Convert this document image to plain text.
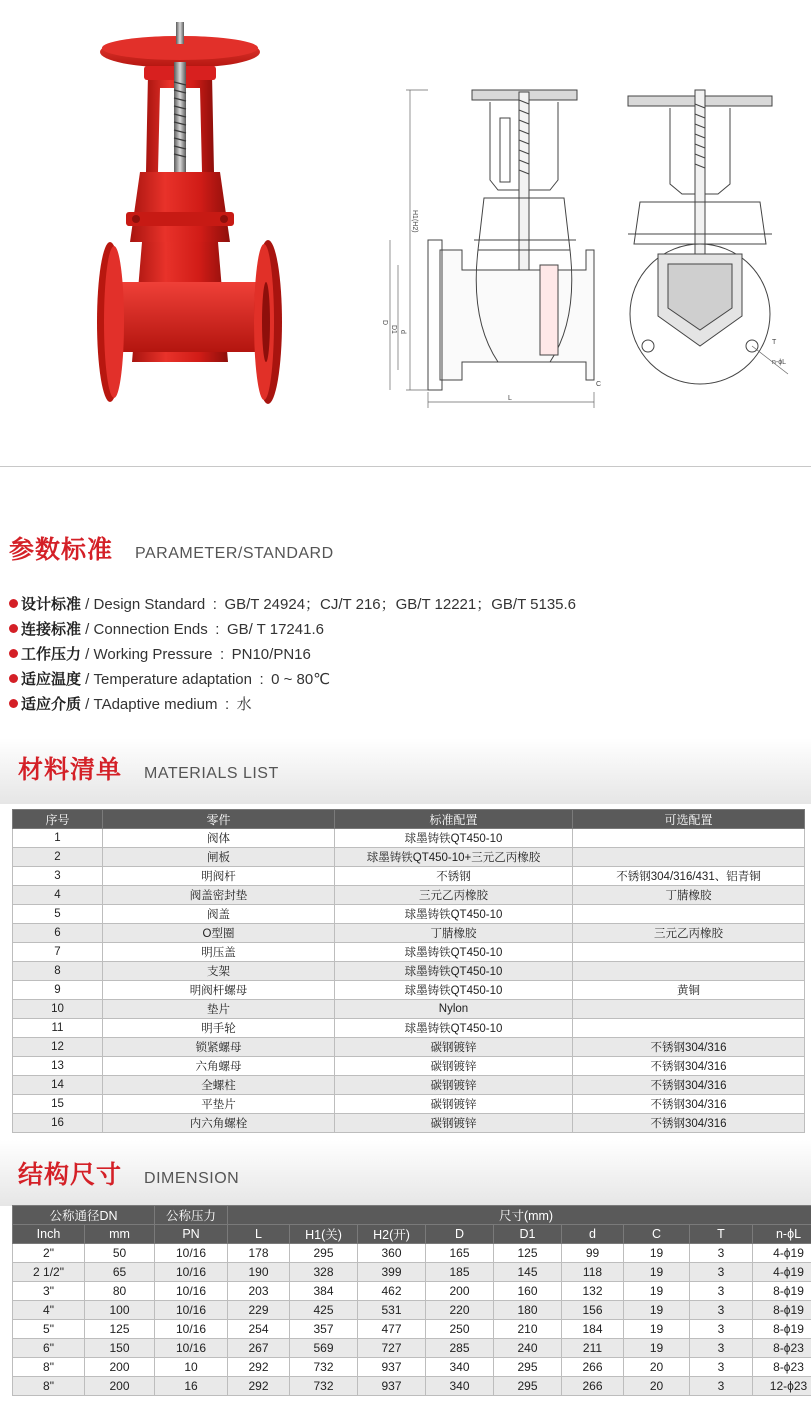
H1(H2)
D
D1 d
L
C
n-ϕL
T
参数标准 PARAMETER/STANDARD
设计标准 / Design Standard : GB/T 24924；CJ/T 216；GB/T 12221；GB/T 5135.6
连接标准 / Connection Ends : GB/ T 17241.6
工作压力 / Working Pressure : PN10/PN16
适应温度 / Temperature adaptation : 0 ~ 80℃
适应介质 / TAdaptive medium : 水
材料清单 MATERIALS LIST
序号	零件	标准配置	可选配置
1	阀体	球墨铸铁QT450-10	
2	闸板	球墨铸铁QT450-10+三元乙丙橡胶	
3	明阀杆	不锈钢	不锈钢304/316/431、铝青铜
4	阀盖密封垫	三元乙丙橡胶	丁腈橡胶
5	阀盖	球墨铸铁QT450-10	
6	O型圈	丁腈橡胶	三元乙丙橡胶
7	明压盖	球墨铸铁QT450-10	
8	支架	球墨铸铁QT450-10	
9	明阀杆螺母	球墨铸铁QT450-10	黄铜
10	垫片	Nylon	
11	明手轮	球墨铸铁QT450-10	
12	锁紧螺母	碳钢镀锌	不锈钢304/316
13	六角螺母	碳钢镀锌	不锈钢304/316
14	全螺柱	碳钢镀锌	不锈钢304/316
15	平垫片	碳钢镀锌	不锈钢304/316
16	内六角螺栓	碳钢镀锌	不锈钢304/316
结构尺寸 DIMENSION
公称通径DN		公称压力	尺寸(mm)								
Inch	mm	PN	L	H1(关)	H2(开)	D	D1	d	C	T	n-ϕL
2"	50	10/16	178	295	360	165	125	99	19	3	4-ϕ19
2 1/2"	65	10/16	190	328	399	185	145	118	19	3	4-ϕ19
3"	80	10/16	203	384	462	200	160	132	19	3	8-ϕ19
4"	100	10/16	229	425	531	220	180	156	19	3	8-ϕ19
5"	125	10/16	254	357	477	250	210	184	19	3	8-ϕ19
6"	150	10/16	267	569	727	285	240	211	19	3	8-ϕ23
8"	200	10	292	732	937	340	295	266	20	3	8-ϕ23
8"	200	16	292	732	937	340	295	266	20	3	12-ϕ23
